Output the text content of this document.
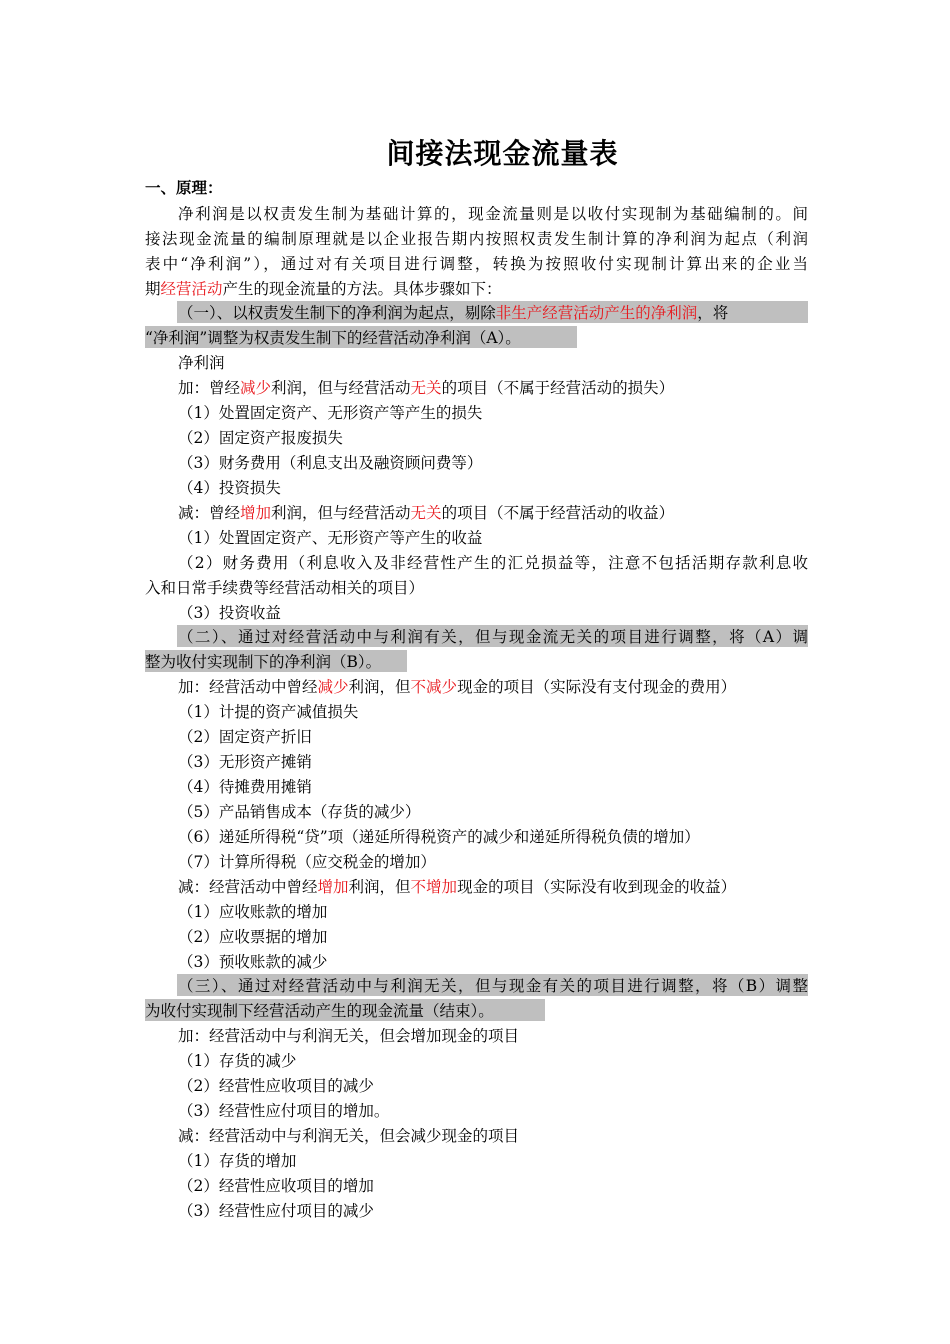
间接法现金流量表
一、原理：
净利润是以权责发生制为基础计算的，现金流量则是以收付实现制为基础编制的。间
接法现金流量的编制原理就是以企业报告期内按照权责发生制计算的净利润为起点（利润
表中“净利润”），通过对有关项目进行调整，转换为按照收付实现制计算出来的企业当
期经营活动产生的现金流量的方法。具体步骤如下：
（一）、以权责发生制下的净利润为起点，剔除非生产经营活动产生的净利润，将
“净利润”调整为权责发生制下的经营活动净利润（A）。
净利润
加：曾经减少利润，但与经营活动无关的项目（不属于经营活动的损失）
（1）处置固定资产、无形资产等产生的损失
（2）固定资产报废损失
（3）财务费用（利息支出及融资顾问费等）
（4）投资损失
减：曾经增加利润，但与经营活动无关的项目（不属于经营活动的收益）
（1）处置固定资产、无形资产等产生的收益
（2）财务费用（利息收入及非经营性产生的汇兑损益等，注意不包括活期存款利息收
入和日常手续费等经营活动相关的项目）
（3）投资收益
（二）、通过对经营活动中与利润有关，但与现金流无关的项目进行调整，将（A）调
整为收付实现制下的净利润（B）。
加：经营活动中曾经减少利润，但不减少现金的项目（实际没有支付现金的费用）
（1）计提的资产减值损失
（2）固定资产折旧
（3）无形资产摊销
（4）待摊费用摊销
（5）产品销售成本（存货的减少）
（6）递延所得税“贷”项（递延所得税资产的减少和递延所得税负债的增加）
（7）计算所得税（应交税金的增加）
减：经营活动中曾经增加利润，但不增加现金的项目（实际没有收到现金的收益）
（1）应收账款的增加
（2）应收票据的增加
（3）预收账款的减少
（三）、通过对经营活动中与利润无关，但与现金有关的项目进行调整，将（B）调整
为收付实现制下经营活动产生的现金流量（结束）。
加：经营活动中与利润无关，但会增加现金的项目
（1）存货的减少
（2）经营性应收项目的减少
（3）经营性应付项目的增加。
减：经营活动中与利润无关，但会减少现金的项目
（1）存货的增加
（2）经营性应收项目的增加
（3）经营性应付项目的减少
